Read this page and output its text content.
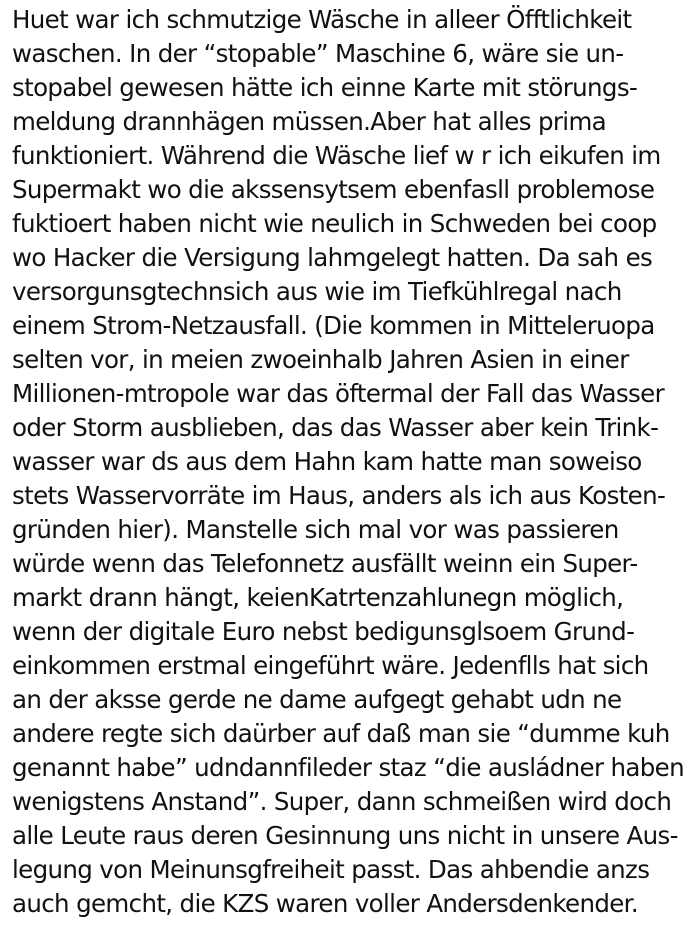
Huet war ich schmutzige Wäsche in alleer Öfftlichkeit
waschen. In der “stopable” Maschine 6, wäre sie un-
stopabel gewesen hätte ich einne Karte mit störungs-
meldung drannhägen müssen.Aber hat alles prima
funktioniert. Während die Wäsche lief w r ich eikufen im
Supermakt wo die akssensytsem ebenfasll problemose
fuktioert haben nicht wie neulich in Schweden bei coop
wo Hacker die Versigung lahmgelegt hatten. Da sah es
versorgunsgtechnsich aus wie im Tiefkühlregal nach
einem Strom-Netzausfall. (Die kommen in Mitteleruopa
selten vor, in meien zwoeinhalb Jahren Asien in einer
Millionen-mtropole war das öftermal der Fall das Wasser
oder Storm ausblieben, das das Wasser aber kein Trink-
wasser war ds aus dem Hahn kam hatte man soweiso
stets Wasservorräte im Haus, anders als ich aus Kosten-
gründen hier). Manstelle sich mal vor was passieren
würde wenn das Telefonnetz ausfällt weinn ein Super-
markt drann hängt, keienKatrtenzahlunegn möglich,
wenn der digitale Euro nebst bedigunsglsoem Grund-
einkommen erstmal eingeführt wäre. Jedenflls hat sich
an der aksse gerde ne dame aufgegt gehabt udn ne
andere regte sich daürber auf daß man sie “dumme kuh
genannt habe” udndannfileder staz “die ausládner haben
wenigstens Anstand”. Super, dann schmeißen wird doch
alle Leute raus deren Gesinnung uns nicht in unsere Aus-
legung von Meinunsgfreiheit passt. Das ahbendie anzs
auch gemcht, die KZS waren voller Andersdenkender.
